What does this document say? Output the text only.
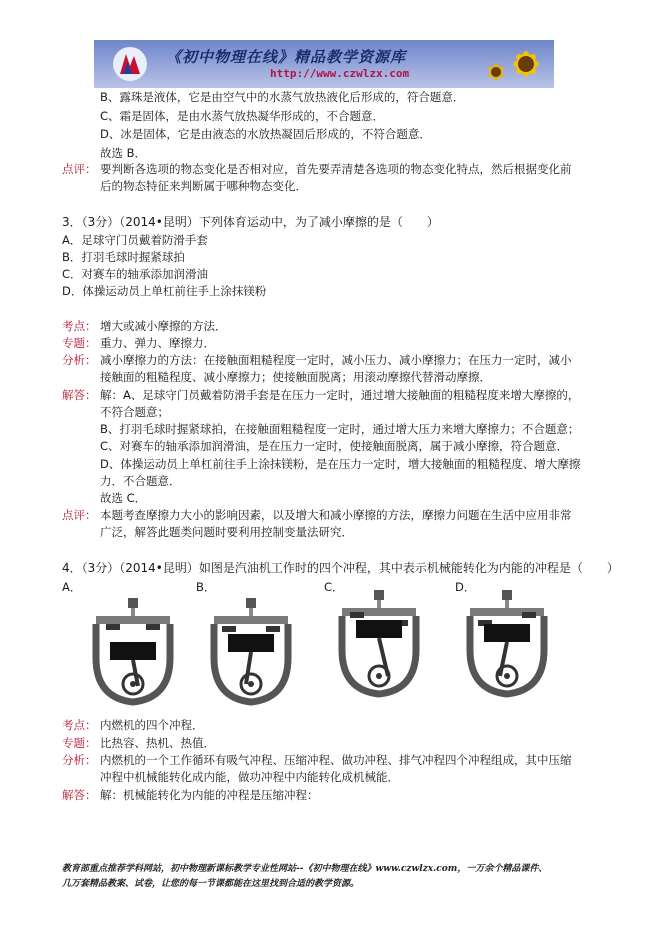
《初中物理在线》精品教学资源库
http://www.czwlzx.com
B、露珠是液体，它是由空气中的水蒸气放热液化后形成的，符合题意．
C、霜是固体，是由水蒸气放热凝华形成的，不合题意．
D、冰是固体，它是由液态的水放热凝固后形成的，不符合题意．
故选 B．
点评： 要判断各选项的物态变化是否相对应，首先要弄清楚各选项的物态变化特点，然后根据变化前
后的物态特征来判断属于哪种物态变化．
3．（3分）（2014•昆明）下列体育运动中，为了减小摩擦的是（　　）
A．足球守门员戴着防滑手套
B．打羽毛球时握紧球拍
C．对赛车的轴承添加润滑油
D．体操运动员上单杠前往手上涂抹镁粉
考点： 增大或减小摩擦的方法．
专题： 重力、弹力、摩擦力．
分析： 减小摩擦力的方法：在接触面粗糙程度一定时，减小压力、减小摩擦力；在压力一定时，减小
接触面的粗糙程度、减小摩擦力；使接触面脱离；用滚动摩擦代替滑动摩擦．
解答： 解：A、足球守门员戴着防滑手套是在压力一定时，通过增大接触面的粗糙程度来增大摩擦的，
不符合题意；
B、打羽毛球时握紧球拍，在接触面粗糙程度一定时，通过增大压力来增大摩擦力；不合题意；
C、对赛车的轴承添加润滑油，是在压力一定时，使接触面脱离，属于减小摩擦，符合题意．
D、体操运动员上单杠前往手上涂抹镁粉，是在压力一定时，增大接触面的粗糙程度、增大摩擦
力．不合题意．
故选 C．
点评： 本题考查摩擦力大小的影响因素，以及增大和减小摩擦的方法，摩擦力问题在生活中应用非常
广泛，解答此题类问题时要利用控制变量法研究．
4．（3分）（2014•昆明）如图是汽油机工作时的四个冲程，其中表示机械能转化为内能的冲程是（　　）
A．	B．	C．	D．
考点： 内燃机的四个冲程．
专题： 比热容、热机、热值．
分析： 内燃机的一个工作循环有吸气冲程、压缩冲程、做功冲程、排气冲程四个冲程组成，其中压缩
冲程中机械能转化成内能，做功冲程中内能转化成机械能．
解答： 解：机械能转化为内能的冲程是压缩冲程：
教育部重点推荐学科网站，初中物理新课标教学专业性网站--《初中物理在线》www.czwlzx.com，一万余个精品课件、
几万套精品教案、试卷，让您的每一节课都能在这里找到合适的教学资源。
